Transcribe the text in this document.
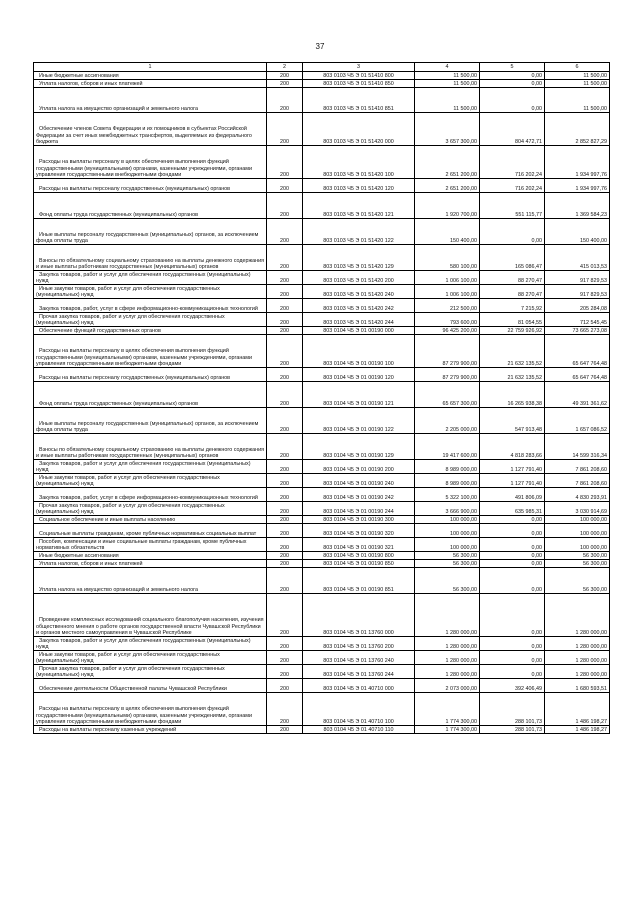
37
1	2	3	4	5	6
Иные бюджетные ассигнования	200	803 0103 Ч5 Э 01 51410 800	11 500,00	0,00	11 500,00
Уплата налогов, сборов и иных платежей	200	803 0103 Ч5 Э 01 51410 850	11 500,00	0,00	11 500,00
Уплата налога на имущество организаций и земельного налога	200	803 0103 Ч5 Э 01 51410 851	11 500,00	0,00	11 500,00
Обеспечение членов Совета Федерации и их помощников в субъектах Российской Федерации за счет иных межбюджетных трансфертов, выделяемых из федерального бюджета	200	803 0103 Ч5 Э 01 51420 000	3 657 300,00	804 472,71	2 852 827,29
Расходы на выплаты персоналу в целях обеспечения выполнения функций государственными (муниципальными) органами, казенными учреждениями, органами управления государственными внебюджетными фондами	200	803 0103 Ч5 Э 01 51420 100	2 651 200,00	716 202,24	1 934 997,76
Расходы на выплаты персоналу государственных (муниципальных) органов	200	803 0103 Ч5 Э 01 51420 120	2 651 200,00	716 202,24	1 934 997,76
Фонд оплаты труда государственных (муниципальных) органов	200	803 0103 Ч5 Э 01 51420 121	1 920 700,00	551 115,77	1 369 584,23
Иные выплаты персоналу государственных (муниципальных) органов, за исключением фонда оплаты труда	200	803 0103 Ч5 Э 01 51420 122	150 400,00	0,00	150 400,00
Взносы по обязательному социальному страхованию на выплаты денежного содержания и иные выплаты работникам государственных (муниципальных) органов	200	803 0103 Ч5 Э 01 51420 129	580 100,00	165 086,47	415 013,53
Закупка товаров, работ и услуг для обеспечения государственных (муниципальных) нужд	200	803 0103 Ч5 Э 01 51420 200	1 006 100,00	88 270,47	917 829,53
Иные закупки товаров, работ и услуг для обеспечения государственных (муниципальных) нужд	200	803 0103 Ч5 Э 01 51420 240	1 006 100,00	88 270,47	917 829,53
Закупка товаров, работ, услуг в сфере информационно-коммуникационных технологий	200	803 0103 Ч5 Э 01 51420 242	212 500,00	7 215,92	205 284,08
Прочая закупка товаров, работ и услуг для обеспечения государственных (муниципальных) нужд	200	803 0103 Ч5 Э 01 51420 244	793 600,00	81 054,55	712 545,45
Обеспечение функций государственных органов	200	803 0104 Ч5 Э 01 00190 000	96 425 200,00	22 759 926,92	73 665 273,08
Расходы на выплаты персоналу в целях обеспечения выполнения функций государственными (муниципальными) органами, казенными учреждениями, органами управления государственными внебюджетными фондами	200	803 0104 Ч5 Э 01 00190 100	87 279 900,00	21 632 135,52	65 647 764,48
Расходы на выплаты персоналу государственных (муниципальных) органов	200	803 0104 Ч5 Э 01 00190 120	87 279 900,00	21 632 135,52	65 647 764,48
Фонд оплаты труда государственных (муниципальных) органов	200	803 0104 Ч5 Э 01 00190 121	65 657 300,00	16 265 938,38	49 391 361,62
Иные выплаты персоналу государственных (муниципальных) органов, за исключением фонда оплаты труда	200	803 0104 Ч5 Э 01 00190 122	2 205 000,00	547 913,48	1 657 086,52
Взносы по обязательному социальному страхованию на выплаты денежного содержания и иные выплаты работникам государственных (муниципальных) органов	200	803 0104 Ч5 Э 01 00190 129	19 417 600,00	4 818 283,66	14 599 316,34
Закупка товаров, работ и услуг для обеспечения государственных (муниципальных) нужд	200	803 0104 Ч5 Э 01 00190 200	8 989 000,00	1 127 791,40	7 861 208,60
Иные закупки товаров, работ и услуг для обеспечения государственных (муниципальных) нужд	200	803 0104 Ч5 Э 01 00190 240	8 989 000,00	1 127 791,40	7 861 208,60
Закупка товаров, работ, услуг в сфере информационно-коммуникационных технологий	200	803 0104 Ч5 Э 01 00190 242	5 322 100,00	491 806,09	4 830 293,91
Прочая закупка товаров, работ и услуг для обеспечения государственных (муниципальных) нужд	200	803 0104 Ч5 Э 01 00190 244	3 666 900,00	635 985,31	3 030 914,69
Социальное обеспечение и иные выплаты населению	200	803 0104 Ч5 Э 01 00190 300	100 000,00	0,00	100 000,00
Социальные выплаты гражданам, кроме публичных нормативных социальных выплат	200	803 0104 Ч5 Э 01 00190 320	100 000,00	0,00	100 000,00
Пособия, компенсации и иные социальные выплаты гражданам, кроме публичных нормативных обязательств	200	803 0104 Ч5 Э 01 00190 321	100 000,00	0,00	100 000,00
Иные бюджетные ассигнования	200	803 0104 Ч5 Э 01 00190 800	56 300,00	0,00	56 300,00
Уплата налогов, сборов и иных платежей	200	803 0104 Ч5 Э 01 00190 850	56 300,00	0,00	56 300,00
Уплата налога на имущество организаций и земельного налога	200	803 0104 Ч5 Э 01 00190 851	56 300,00	0,00	56 300,00
Проведение комплексных исследований социального благополучия населения, изучения общественного мнения о работе органов государственной власти Чувашской Республики и органов местного самоуправления в Чувашской Республике	200	803 0104 Ч5 Э 01 13760 000	1 280 000,00	0,00	1 280 000,00
Закупка товаров, работ и услуг для обеспечения государственных (муниципальных) нужд	200	803 0104 Ч5 Э 01 13760 200	1 280 000,00	0,00	1 280 000,00
Иные закупки товаров, работ и услуг для обеспечения государственных (муниципальных) нужд	200	803 0104 Ч5 Э 01 13760 240	1 280 000,00	0,00	1 280 000,00
Прочая закупка товаров, работ и услуг для обеспечения государственных (муниципальных) нужд	200	803 0104 Ч5 Э 01 13760 244	1 280 000,00	0,00	1 280 000,00
Обеспечение деятельности Общественной палаты Чувашской Республики	200	803 0104 Ч5 Э 01 40710 000	2 073 000,00	392 406,49	1 680 593,51
Расходы на выплаты персоналу в целях обеспечения выполнения функций государственными (муниципальными) органами, казенными учреждениями, органами управления государственными внебюджетными фондами	200	803 0104 Ч5 Э 01 40710 100	1 774 300,00	288 101,73	1 486 198,27
Расходы на выплаты персоналу казенных учреждений	200	803 0104 Ч5 Э 01 40710 110	1 774 300,00	288 101,73	1 486 198,27
